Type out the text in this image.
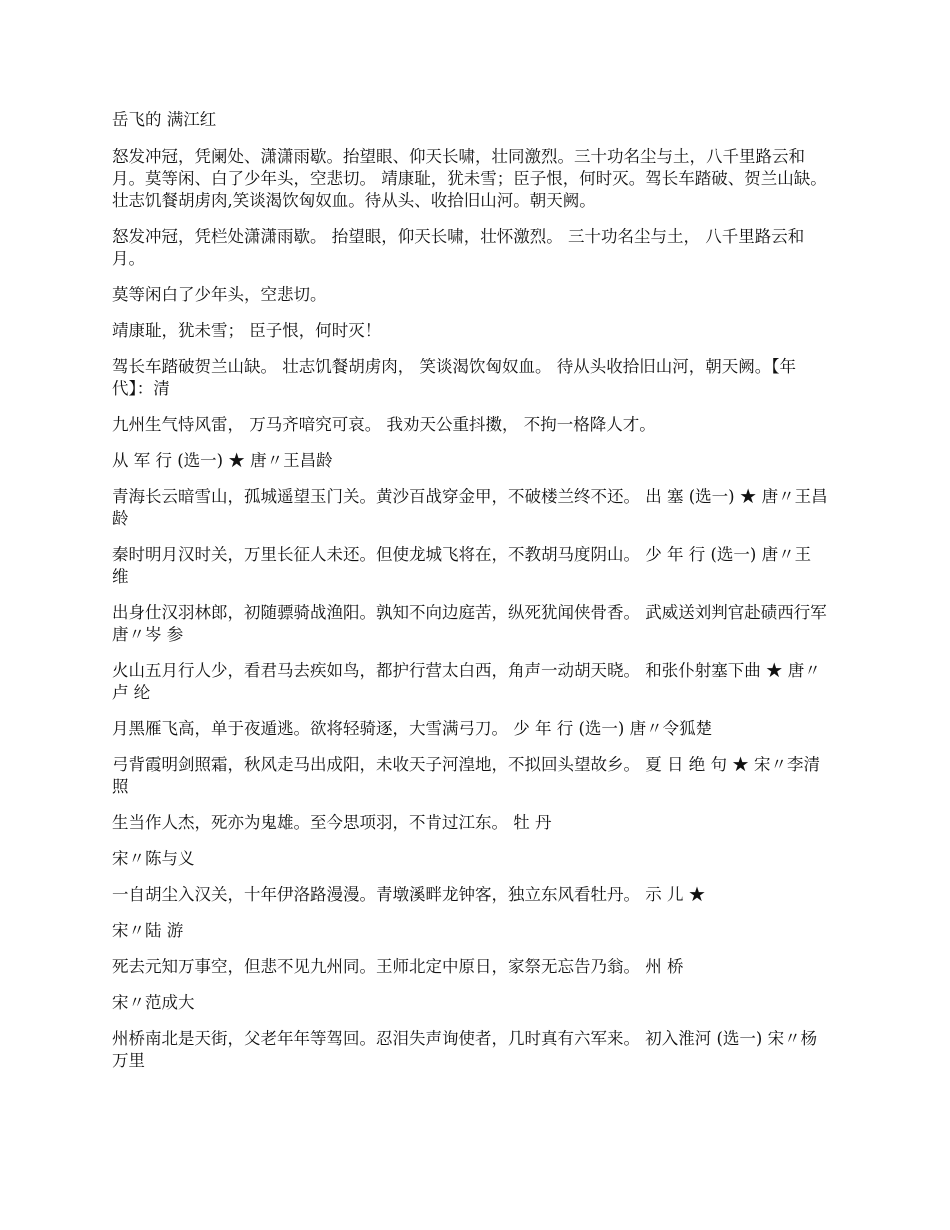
岳飞的 满江红

怒发冲冠，凭阑处、潇潇雨歇。抬望眼、仰天长啸，壮同激烈。三十功名尘与土，八千里路云和月。莫等闲、白了少年头，空悲切。 靖康耻，犹未雪；臣子恨，何时灭。驾长车踏破、贺兰山缺。壮志饥餐胡虏肉,笑谈渴饮匈奴血。待从头、收拾旧山河。朝天阙。

怒发冲冠，凭栏处潇潇雨歇。 抬望眼，仰天长啸，壮怀激烈。 三十功名尘与土， 八千里路云和月。

莫等闲白了少年头，空悲切。

靖康耻，犹未雪； 臣子恨，何时灭！

驾长车踏破贺兰山缺。 壮志饥餐胡虏肉， 笑谈渴饮匈奴血。 待从头收拾旧山河，朝天阙。【年代】：清

九州生气恃风雷， 万马齐喑究可哀。 我劝天公重抖擞， 不拘一格降人才。

从 军 行 (选一) ★ 唐〃王昌龄

青海长云暗雪山，孤城遥望玉门关。黄沙百战穿金甲，不破楼兰终不还。 出 塞 (选一) ★ 唐〃王昌龄

秦时明月汉时关，万里长征人未还。但使龙城飞将在，不教胡马度阴山。 少 年 行 (选一) 唐〃王 维

出身仕汉羽林郎，初随骠骑战渔阳。孰知不向边庭苦，纵死犹闻侠骨香。 武威送刘判官赴碛西行军 唐〃岑 参

火山五月行人少，看君马去疾如鸟，都护行营太白西，角声一动胡天晓。 和张仆射塞下曲 ★ 唐〃卢 纶

月黑雁飞高，单于夜遁逃。欲将轻骑逐，大雪满弓刀。 少 年 行 (选一) 唐〃令狐楚

弓背霞明剑照霜，秋风走马出成阳，未收天子河湟地，不拟回头望故乡。 夏 日 绝 句 ★ 宋〃李清照

生当作人杰，死亦为鬼雄。至今思项羽，不肯过江东。 牡 丹

宋〃陈与义

一自胡尘入汉关，十年伊洛路漫漫。青墩溪畔龙钟客，独立东风看牡丹。 示 儿 ★

宋〃陆 游

死去元知万事空，但悲不见九州同。王师北定中原日，家祭无忘告乃翁。 州 桥

宋〃范成大

州桥南北是天街，父老年年等驾回。忍泪失声询使者，几时真有六军来。 初入淮河 (选一) 宋〃杨万里
